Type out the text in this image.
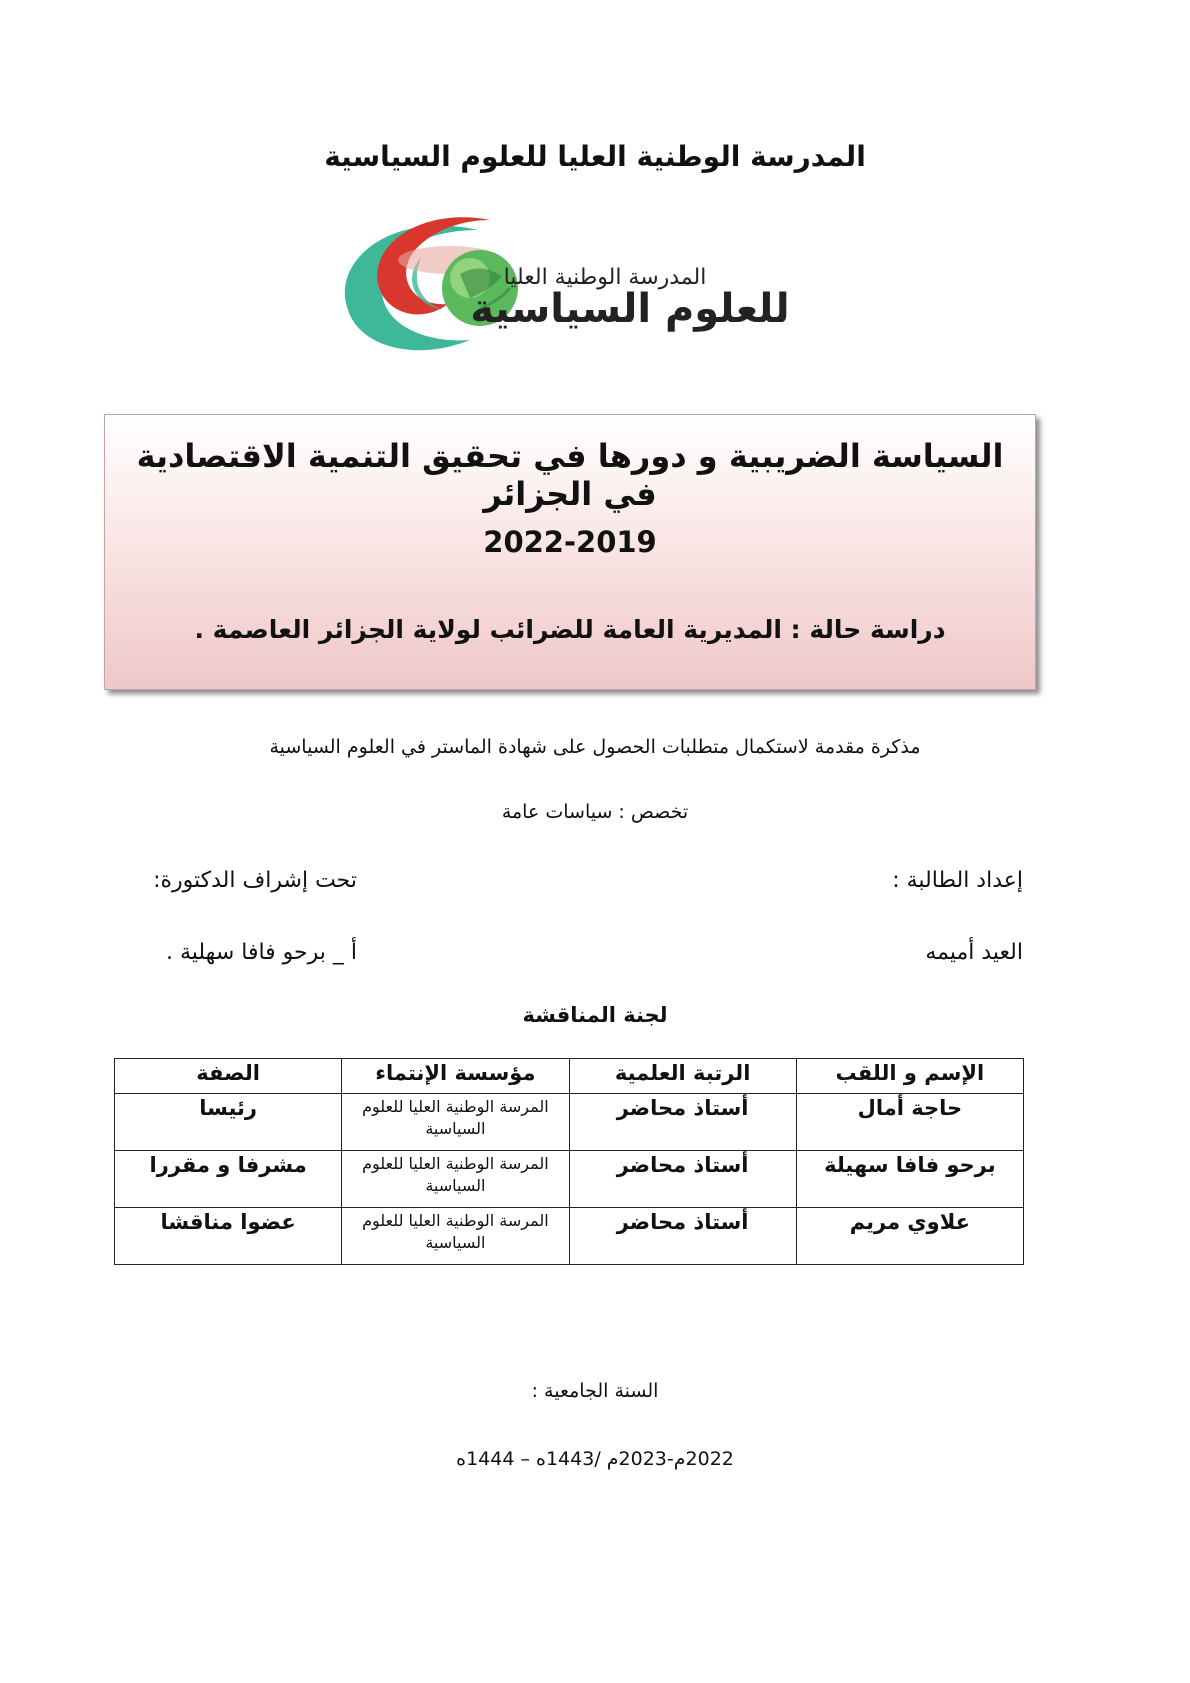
المدرسة الوطنية العليا للعلوم السياسية
المدرسة الوطنية العليا
للعلوم السياسية
السياسة الضريبية و دورها في تحقيق التنمية الاقتصادية في الجزائر
2022-2019
دراسة حالة : المديرية العامة للضرائب لولاية الجزائر العاصمة .
مذكرة مقدمة لاستكمال متطلبات الحصول على شهادة الماستر في العلوم السياسية
تخصص : سياسات عامة
إعداد الطالبة :
تحت إشراف الدكتورة:
العيد أميمه
أ _ برحو فافا سهلية .
لجنة المناقشة
الإسم و اللقب	الرتبة العلمية	مؤسسة الإنتماء	الصفة
حاجة أمال	أستاذ محاضر	المرسة الوطنية العليا للعلوم السياسية	رئيسا
برحو فافا سهيلة	أستاذ محاضر	المرسة الوطنية العليا للعلوم السياسية	مشرفا و مقررا
علاوي مريم	أستاذ محاضر	المرسة الوطنية العليا للعلوم السياسية	عضوا مناقشا
السنة الجامعية :
2022م-2023م /1443ه – 1444ه
